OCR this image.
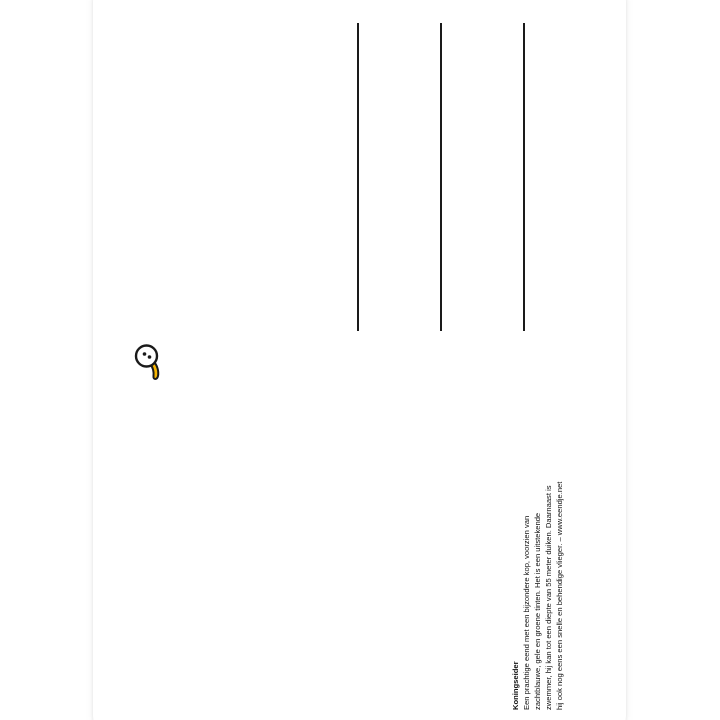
Koningseider Een prachtige eend met een bijzondere kop, voorzien van zachtblauwe, gele en groene tinten. Het is een uitstekende zwemmer, hij kan tot een diepte van 55 meter duiken. Daarnaast is hij ook nog eens een snelle en behendige vlieger. – www.eendje.net
